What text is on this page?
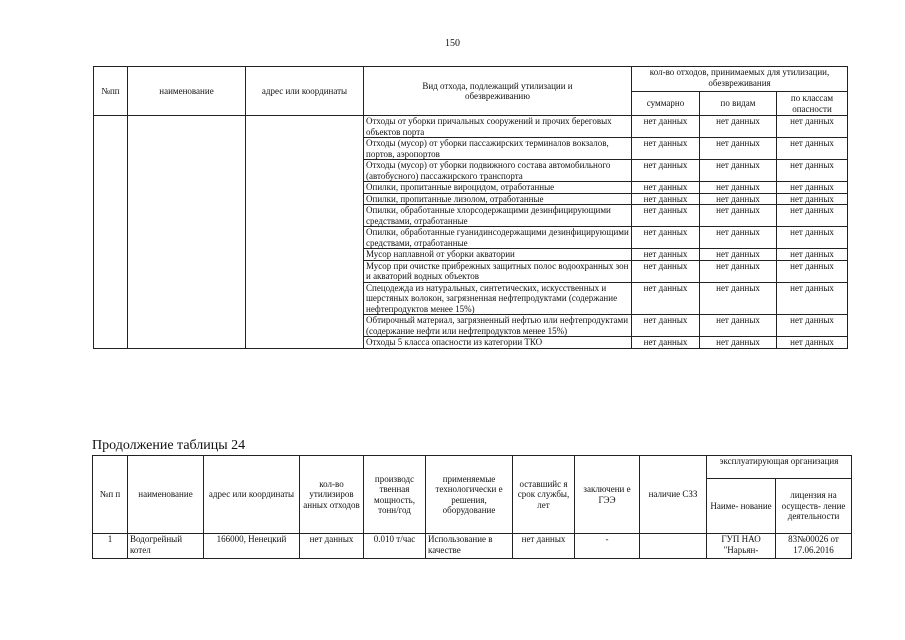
150
№пп	наименование	адрес или координаты	Вид отхода, подлежащий утилизации и обезвреживанию	кол-во отходов, принимаемых для утилизации, обезвреживания		
				суммарно	по видам	по классам опасности
			Отходы от уборки причальных сооружений и прочих береговых объектов порта	нет данных	нет данных	нет данных
			Отходы (мусор) от уборки пассажирских терминалов вокзалов, портов, аэропортов	нет данных	нет данных	нет данных
			Отходы (мусор) от уборки подвижного состава автомобильного (автобусного) пассажирского транспорта	нет данных	нет данных	нет данных
			Опилки, пропитанные вироцидом, отработанные	нет данных	нет данных	нет данных
			Опилки, пропитанные лизолом, отработанные	нет данных	нет данных	нет данных
			Опилки, обработанные хлорсодержащими дезинфицирующими средствами, отработанные	нет данных	нет данных	нет данных
			Опилки, обработанные гуанидинсодержащими дезинфицирующими средствами, отработанные	нет данных	нет данных	нет данных
			Мусор наплавной от уборки акватории	нет данных	нет данных	нет данных
			Мусор при очистке прибрежных защитных полос водоохранных зон и акваторий водных объектов	нет данных	нет данных	нет данных
			Спецодежда из натуральных, синтетических, искусственных и шерстяных волокон, загрязненная нефтепродуктами (содержание нефтепродуктов менее 15%)	нет данных	нет данных	нет данных
			Обтирочный материал, загрязненный нефтью или нефтепродуктами (содержание нефти или нефтепродуктов менее 15%)	нет данных	нет данных	нет данных
			Отходы 5 класса опасности из категории ТКО	нет данных	нет данных	нет данных
Продолжение таблицы 24
№п п	наименование	адрес или координаты	кол-во утилизиров анных отходов	производс твенная мощность, тонн/год	применяемые технологически е решения, оборудование	оставшийс я срок службы, лет	заключени е ГЭЭ	наличие СЗЗ	эксплуатирующая организация	
									Наиме- нование	лицензия на осуществ- ление деятельности
1	Водогрейный котел	166000, Ненецкий	нет данных	0.010 т/час	Использование в качестве	нет данных	-		ГУП НАО "Нарьян-	83№00026 от 17.06.2016
